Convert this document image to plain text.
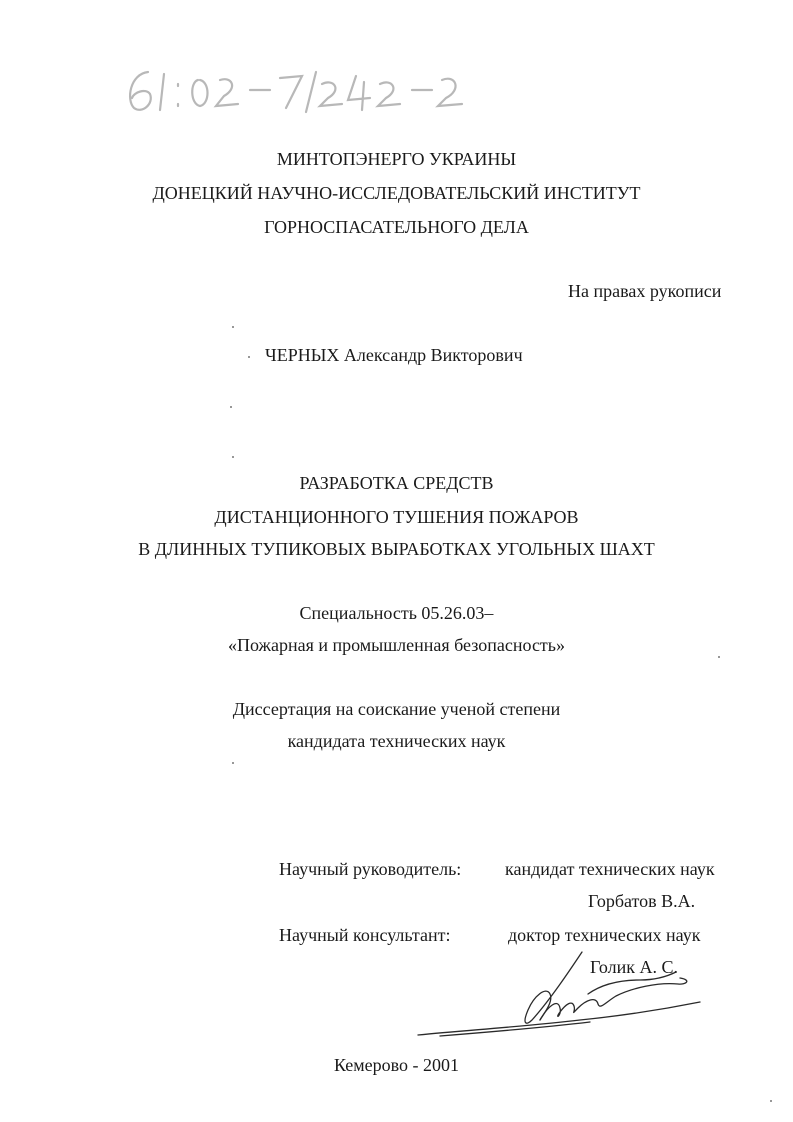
МИНТОПЭНЕРГО УКРАИНЫ
ДОНЕЦКИЙ НАУЧНО-ИССЛЕДОВАТЕЛЬСКИЙ ИНСТИТУТ
ГОРНОСПАСАТЕЛЬНОГО ДЕЛА
На правах рукописи
ЧЕРНЫХ Александр Викторович
РАЗРАБОТКА СРЕДСТВ
ДИСТАНЦИОННОГО ТУШЕНИЯ ПОЖАРОВ
В ДЛИННЫХ ТУПИКОВЫХ ВЫРАБОТКАХ УГОЛЬНЫХ ШАХТ
Специальность 05.26.03–
«Пожарная и промышленная безопасность»
Диссертация на соискание ученой степени
кандидата технических наук
Научный руководитель: кандидат технических наук
Горбатов В.А.
Научный консультант:	доктор технических наук
Голик А. С.
Кемерово - 2001
